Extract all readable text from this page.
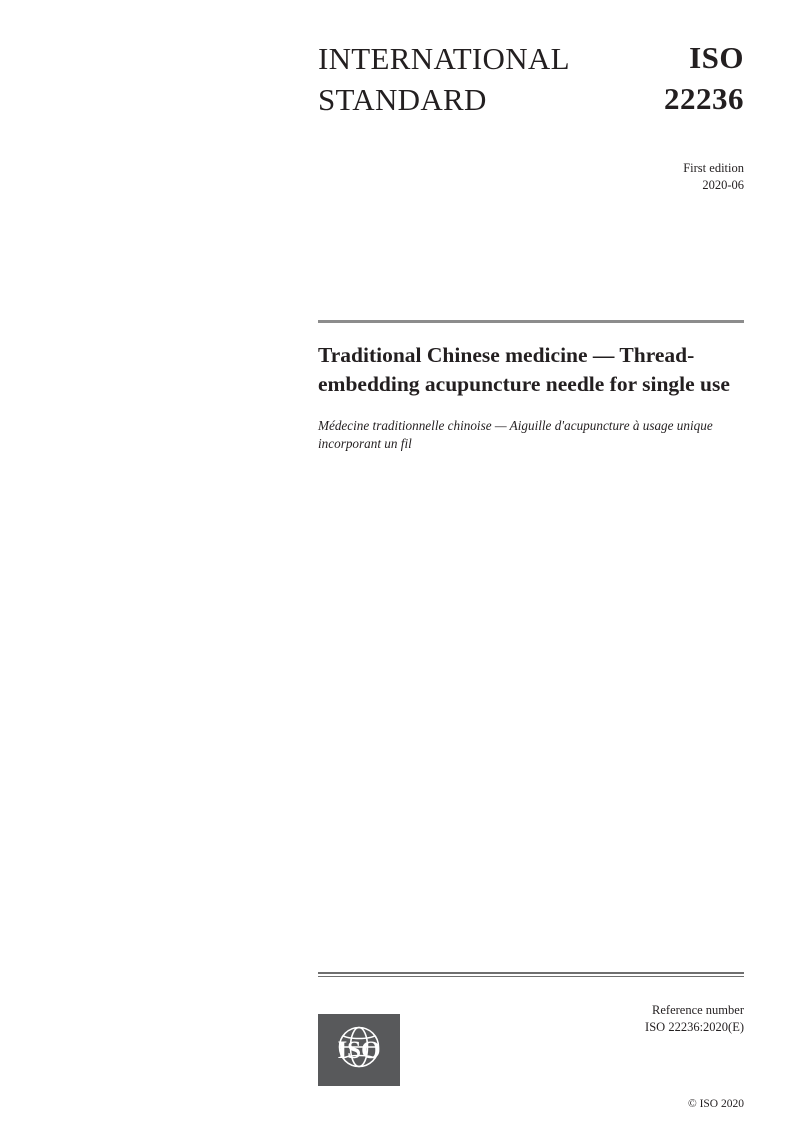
INTERNATIONAL
STANDARD
ISO
22236
First edition
2020-06
Traditional Chinese medicine — Thread-embedding acupuncture needle for single use

Médecine traditionnelle chinoise — Aiguille d'acupuncture à usage unique incorporant un fil

Reference number
ISO 22236:2020(E)
ISO
© ISO 2020
